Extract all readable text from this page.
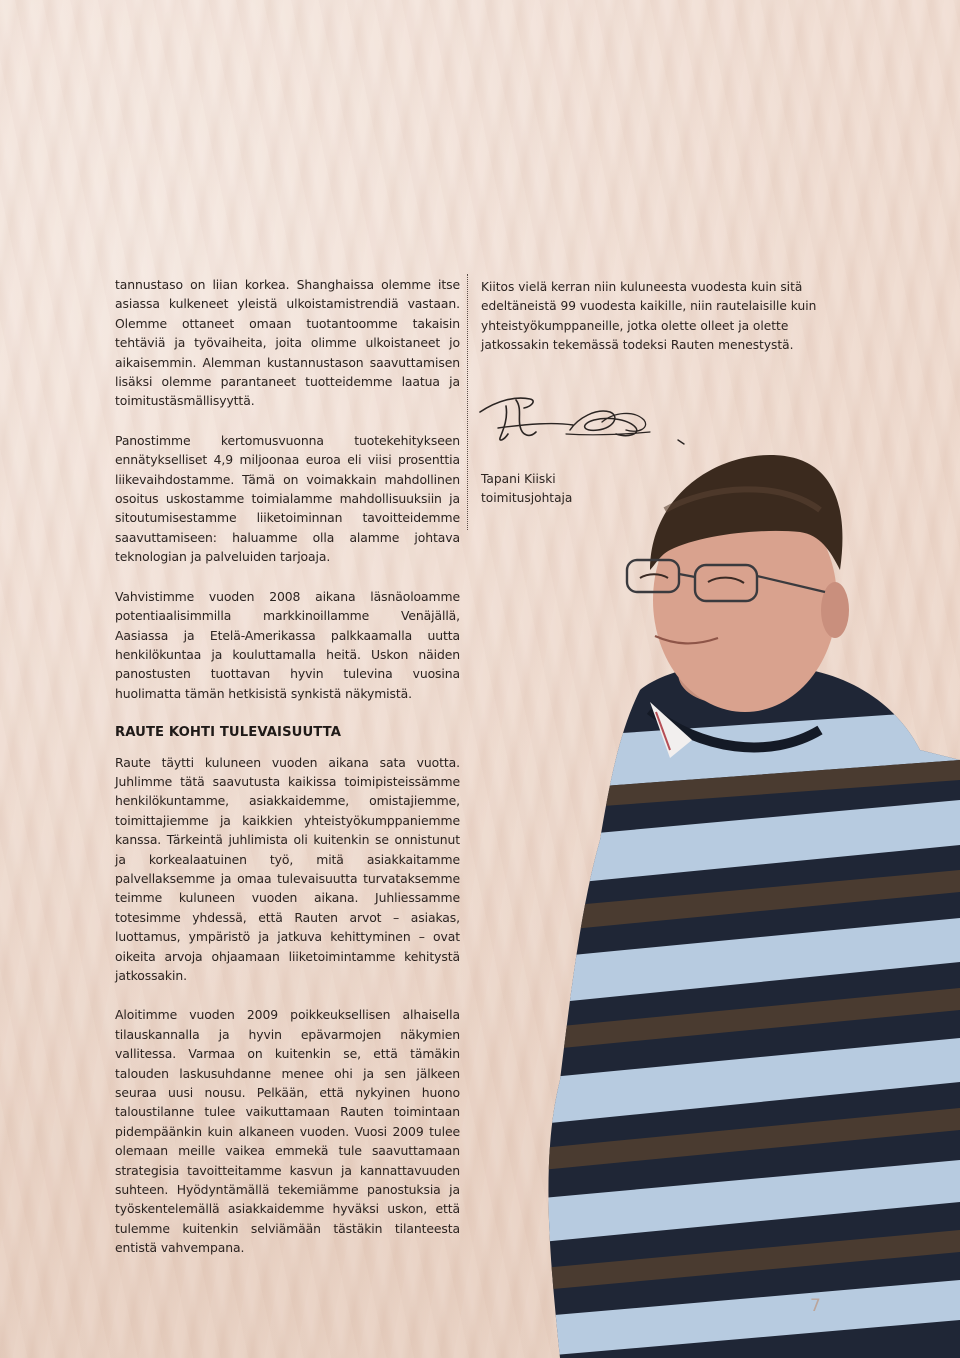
tannustaso on liian korkea. Shanghaissa olemme itse asiassa kulkeneet yleistä ulkoistamistrendiä vastaan. Olemme ottaneet omaan tuotantoomme takaisin tehtäviä ja työvaiheita, joita olimme ulkoistaneet jo aikaisemmin. Alemman kustannustason saavuttamisen lisäksi olemme parantaneet tuotteidemme laatua ja toimitustäsmällisyyttä.

Panostimme kertomusvuonna tuotekehitykseen ennätykselliset 4,9 miljoonaa euroa eli viisi prosenttia liikevaihdostamme. Tämä on voimakkain mahdollinen osoitus uskostamme toimialamme mahdollisuuksiin ja sitoutumisestamme liiketoiminnan tavoitteidemme saavuttamiseen: haluamme olla alamme johtava teknologian ja palveluiden tarjoaja.

Vahvistimme vuoden 2008 aikana läsnäoloamme potentiaalisimmilla markkinoillamme Venäjällä, Aasiassa ja Etelä-Amerikassa palkkaamalla uutta henkilökuntaa ja kouluttamalla heitä. Uskon näiden panostusten tuottavan hyvin tulevina vuosina huolimatta tämän hetkisistä synkistä näkymistä.

RAUTE KOHTI TULEVAISUUTTA

Raute täytti kuluneen vuoden aikana sata vuotta. Juhlimme tätä saavutusta kaikissa toimipisteissämme henkilökuntamme, asiakkaidemme, omistajiemme, toimittajiemme ja kaikkien yhteistyökumppaniemme kanssa. Tärkeintä juhlimista oli kuitenkin se onnistunut ja korkealaatuinen työ, mitä asiakkaitamme palvellaksemme ja omaa tulevaisuutta turvataksemme teimme kuluneen vuoden aikana. Juhliessamme totesimme yhdessä, että Rauten arvot – asiakas, luottamus, ympäristö ja jatkuva kehittyminen – ovat oikeita arvoja ohjaamaan liiketoimintamme kehitystä jatkossakin.

Aloitimme vuoden 2009 poikkeuksellisen alhaisella tilauskannalla ja hyvin epävarmojen näkymien vallitessa. Varmaa on kuitenkin se, että tämäkin talouden laskusuhdanne menee ohi ja sen jälkeen seuraa uusi nousu. Pelkään, että nykyinen huono taloustilanne tulee vaikuttamaan Rauten toimintaan pidempäänkin kuin alkaneen vuoden. Vuosi 2009 tulee olemaan meille vaikea emmekä tule saavuttamaan strategisia tavoitteitamme kasvun ja kannattavuuden suhteen. Hyödyntämällä tekemiämme panostuksia ja työskentelemällä asiakkaidemme hyväksi uskon, että tulemme kuitenkin selviämään tästäkin tilanteesta entistä vahvempana.

Kiitos vielä kerran niin kuluneesta vuodesta kuin sitä edeltäneistä 99 vuodesta kaikille, niin rautelaisille kuin yhteistyökumppaneille, jotka olette olleet ja olette jatkossakin tekemässä todeksi Rauten menestystä.

Tapani Kiiski
toimitusjohtaja
7
